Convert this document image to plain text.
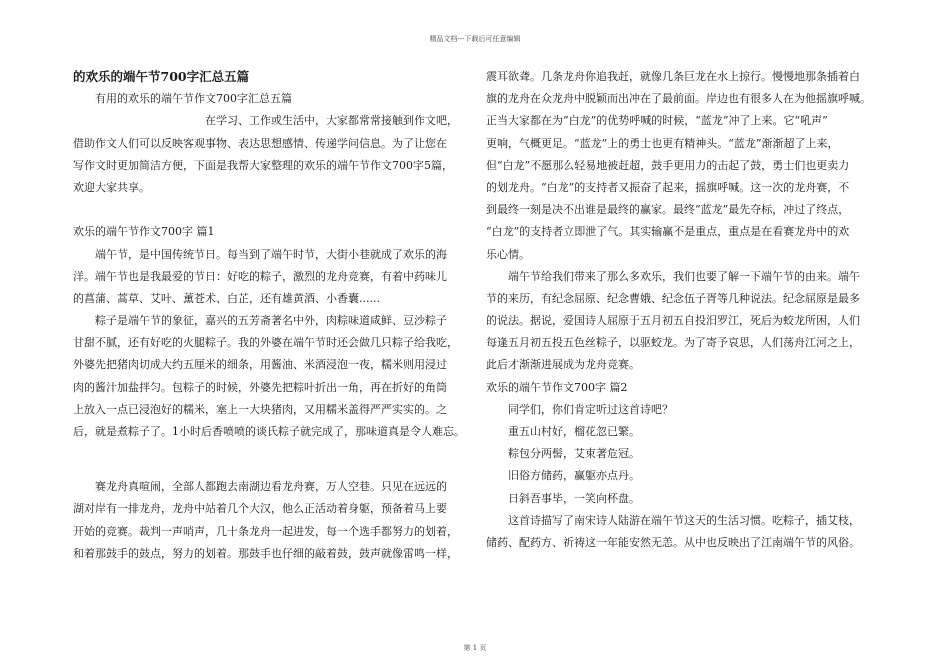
精品文档---下载后可任意编辑
的欢乐的端午节700字汇总五篇
有用的欢乐的端午节作文700字汇总五篇
在学习、工作或生活中，大家都常常接触到作文吧，
借助作文人们可以反映客观事物、表达思想感情、传递学问信息。为了让您在
写作文时更加简洁方便，下面是我帮大家整理的欢乐的端午节作文700字5篇，
欢迎大家共享。
欢乐的端午节作文700字 篇1
端午节，是中国传统节日。每当到了端午时节，大街小巷就成了欢乐的海
洋。端午节也是我最爱的节日：好吃的粽子，激烈的龙舟竞赛，有着中药味儿
的菖蒲、蒿草、艾叶、薰苍术、白芷，还有雄黄酒、小香囊......
粽子是端午节的象征，嘉兴的五芳斋著名中外，肉粽味道咸鲜、豆沙粽子
甘甜不腻，还有好吃的火腿粽子。我的外婆在端午节时还会做几只粽子给我吃，
外婆先把猪肉切成大约五厘米的细条，用酱油、米酒浸泡一夜，糯米则用浸过
肉的酱汁加盐拌匀。包粽子的时候，外婆先把粽叶折出一角，再在折好的角筒
上放入一点已浸泡好的糯米，塞上一大块猪肉，又用糯米盖得严严实实的。之
后，就是煮粽子了。1小时后香喷喷的谈氏粽子就完成了，那味道真是令人难忘。
赛龙舟真喧闹，全部人都跑去南湖边看龙舟赛，万人空巷。只见在远远的
湖对岸有一排龙舟，龙舟中站着几个大汉，他么正活动着身躯，预备着马上要
开始的竞赛。裁判一声哨声，几十条龙舟一起进发，每一个选手都努力的划着，
和着那鼓手的鼓点，努力的划着。那鼓手也仔细的敲着鼓，鼓声就像雷鸣一样，
震耳欲聋。几条龙舟你追我赶，就像几条巨龙在水上掠行。慢慢地那条插着白
旗的龙舟在众龙舟中脱颖而出冲在了最前面。岸边也有很多人在为他摇旗呼喊。
正当大家都在为“白龙”的优势呼喊的时候，“蓝龙”冲了上来。它“吼声”
更响，气概更足。“蓝龙”上的勇士也更有精神头。“蓝龙”渐渐超了上来，
但“白龙”不愿那么轻易地被赶超，鼓手更用力的击起了鼓，勇士们也更卖力
的划龙舟。“白龙”的支持者又振奋了起来，摇旗呼喊。这一次的龙舟赛，不
到最终一刻是决不出谁是最终的赢家。最终“蓝龙”最先夺标，冲过了终点，
“白龙”的支持者立即泄了气。其实输赢不是重点，重点是在看赛龙舟中的欢
乐心情。
端午节给我们带来了那么多欢乐，我们也要了解一下端午节的由来。端午
节的来历，有纪念屈原、纪念曹娥、纪念伍子胥等几种说法。纪念屈原是最多
的说法。据说，爱国诗人屈原于五月初五自投汨罗江，死后为蛟龙所困，人们
每逢五月初五投五色丝粽子，以驱蛟龙。为了寄予哀思，人们荡舟江河之上，
此后才渐渐进展成为龙舟竞赛。
欢乐的端午节作文700字 篇2
同学们，你们肯定听过这首诗吧？
重五山村好，榴花忽已繁。
粽包分两髻，艾束著危冠。
旧俗方储药，赢躯亦点丹。
日斜吾事毕，一笑向杯盘。
这首诗描写了南宋诗人陆游在端午节这天的生活习惯。吃粽子，插艾枝，
储药、配药方、祈祷这一年能安然无恙。从中也反映出了江南端午节的风俗。
第 1 页
